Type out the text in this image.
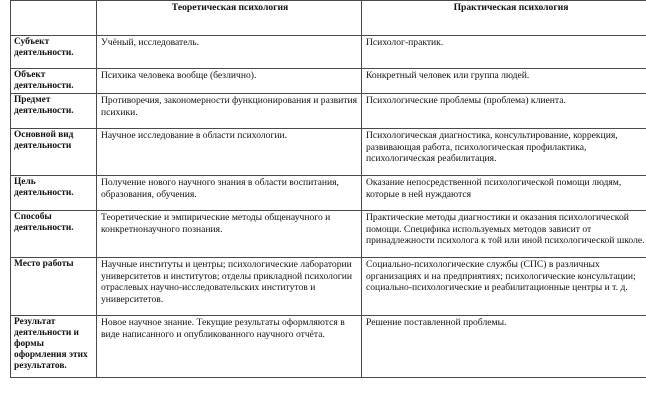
	Теоретическая психология	Практическая психология
Субъект деятельности.	Учёный, исследователь.	Психолог-практик.
Объект деятельности.	Психика человека вообще (безлично).	Конкретный человек или группа людей.
Предмет деятельности.	Противоречия, закономерности функционирования и развития психики.	Психологические проблемы (проблема) клиента.
Основной вид деятельности	Научное исследование в области психологии.	Психологическая диагностика, консультирование, коррекция, развивающая работа, психологическая профилактика, психологическая реабилитация.
Цель деятельности.	Получение нового научного знания в области воспитания, образования, обучения.	Оказание непосредственной психологической помощи людям, которые в ней нуждаются
Способы деятельности.	Теоретические и эмпирические методы общенаучного и конкретнонаучного познания.	Практические методы диагностики и оказания психологической помощи. Специфика используемых методов зависит от принадлежности психолога к той или иной психологической школе.
Место работы	Научные институты и центры; психологические лаборатории университетов и институтов; отделы прикладной психологии отраслевых научно-исследовательских институтов и университетов.	Социально-психологические службы (СПС) в различных организациях и на предприятиях; психологические консультации; социально-психологические и реабилитационные центры и т. д.
Результат деятельности и формы оформления этих результатов.	Новое научное знание. Текущие результаты оформляются в виде написанного и опубликованного научного отчёта.	Решение поставленной проблемы.
